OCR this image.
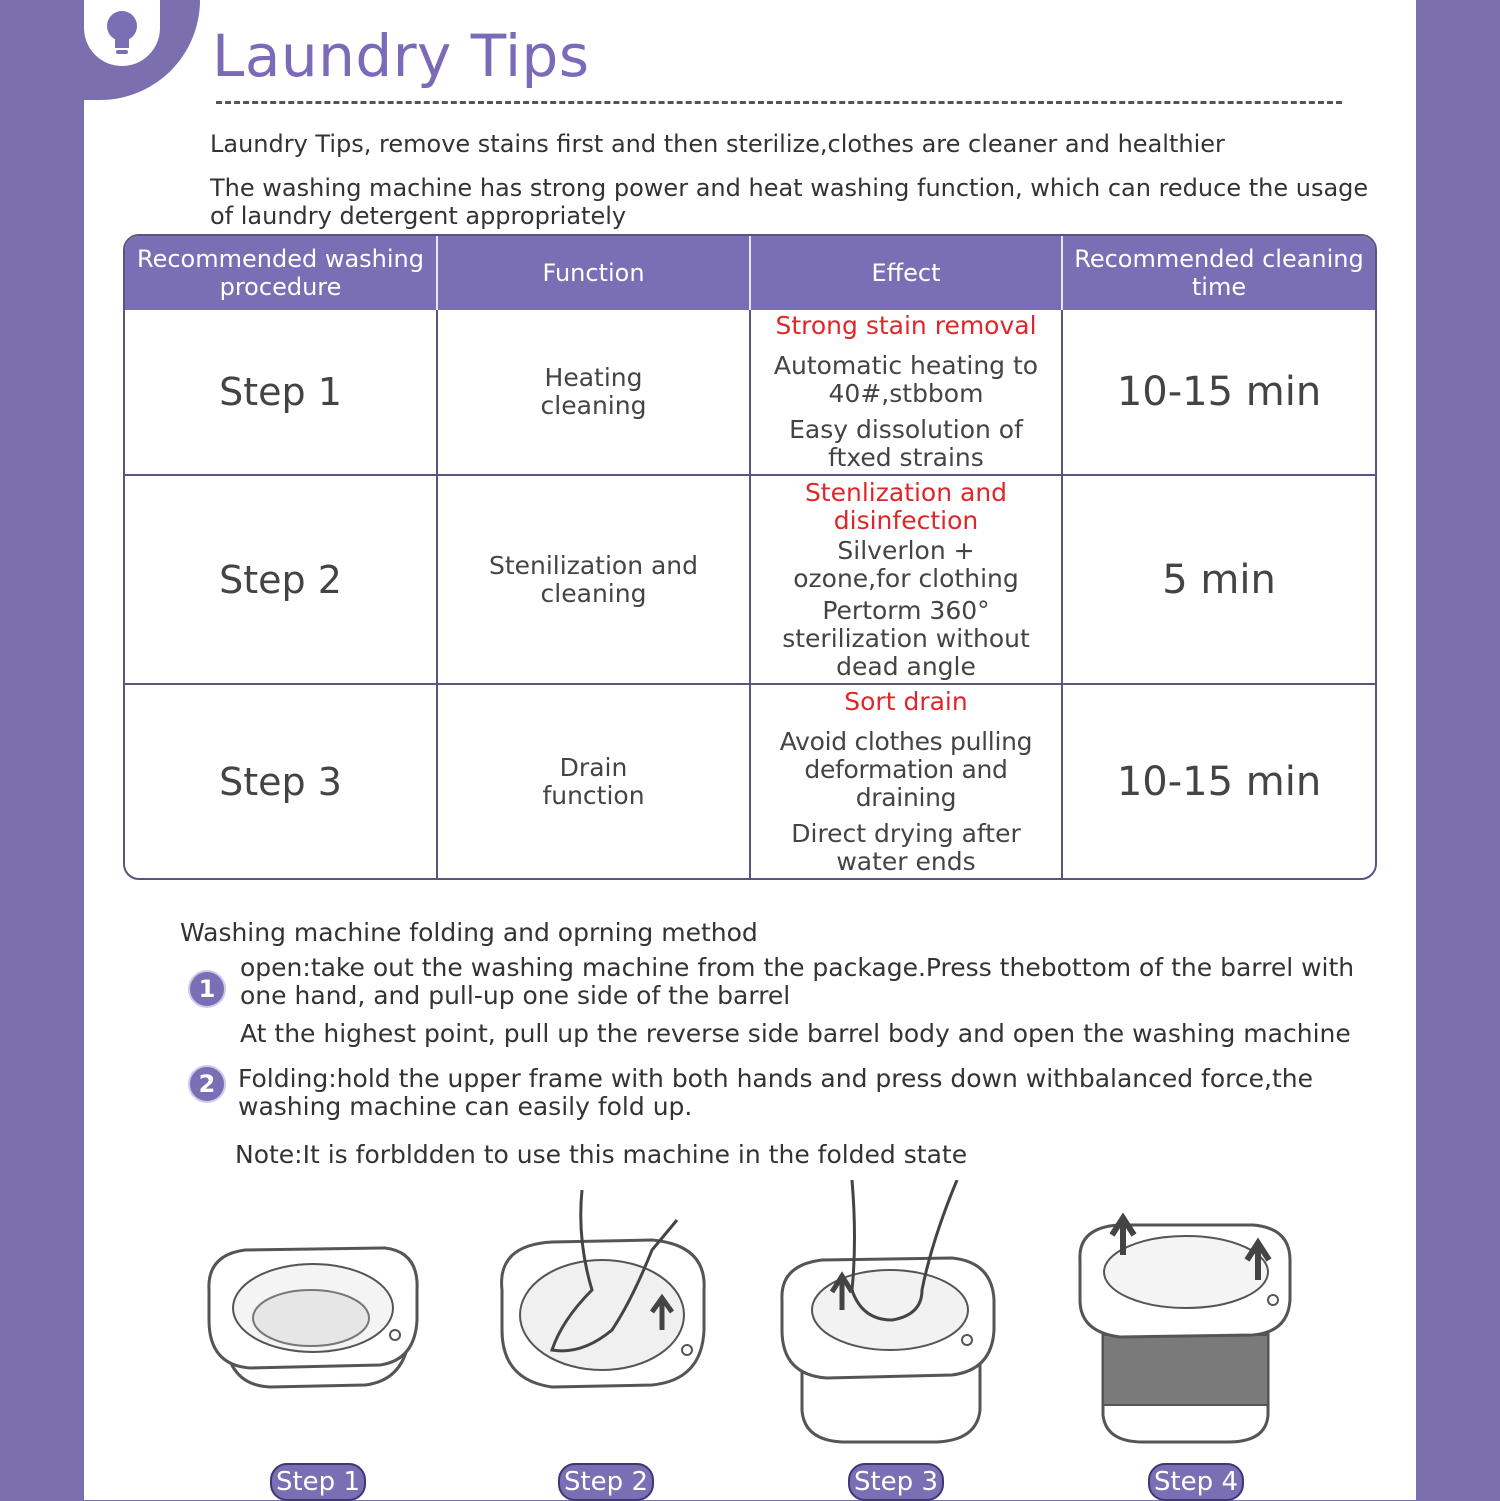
Laundry Tips
Laundry Tips, remove stains first and then sterilize,clothes are cleaner and healthier
The washing machine has strong power and heat washing function, which can reduce the usage of laundry detergent appropriately
Recommended washing procedure	Function	Effect	Recommended cleaning time
Step 1	Heating cleaning	Strong stain removal
Automatic heating to 40#,stbbom
Easy dissolution of ftxed strains	10-15 min
Step 2	Stenilization and cleaning	Stenlization and disinfection
Silverlon + ozone,for clothing
Pertorm 360° sterilization without dead angle	5 min
Step 3	Drain function	Sort drain
Avoid clothes pulling deformation and draining
Direct drying after water ends	10-15 min
Washing machine folding and oprning method
1
open:take out the washing machine from the package.Press thebottom of the barrel with one hand, and pull-up one side of the barrel
At the highest point, pull up the reverse side barrel body and open the washing machine
2 Folding:hold the upper frame with both hands and press down withbalanced force,the washing machine can easily fold up.
Note:It is forbldden to use this machine in the folded state
Step 1	Step 2	Step 3	Step 4
